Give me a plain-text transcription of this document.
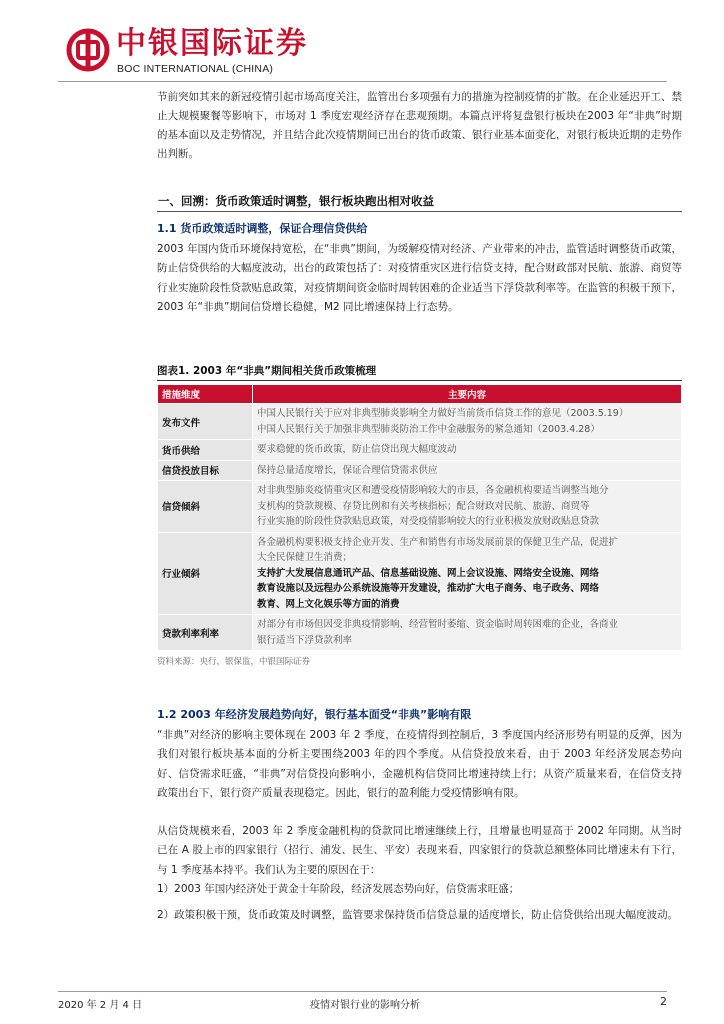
中银国际证券
BOC INTERNATIONAL (CHINA)

节前突如其来的新冠疫情引起市场高度关注，监管出台多项强有力的措施为控制疫情的扩散。在企业延迟开工、禁止大规模聚餐等影响下，市场对 1 季度宏观经济存在悲观预期。本篇点评将复盘银行板块在2003 年“非典”时期的基本面以及走势情况，并且结合此次疫情期间已出台的货币政策、银行业基本面变化，对银行板块近期的走势作出判断。

一、回溯：货币政策适时调整，银行板块跑出相对收益
1.1 货币政策适时调整，保证合理信贷供给
2003 年国内货币环境保持宽松，在“非典”期间，为缓解疫情对经济、产业带来的冲击，监管适时调整货币政策，防止信贷供给的大幅度波动，出台的政策包括了：对疫情重灾区进行信贷支持，配合财政部对民航、旅游、商贸等行业实施阶段性贷款贴息政策，对疫情期间资金临时周转困难的企业适当下浮贷款利率等。在监管的积极干预下，2003 年“非典”期间信贷增长稳健，M2 同比增速保持上行态势。
图表1. 2003 年“非典”期间相关货币政策梳理
措施维度	主要内容
发布文件	中国人民银行关于应对非典型肺炎影响全力做好当前货币信贷工作的意见（2003.5.19）
中国人民银行关于加强非典型肺炎防治工作中金融服务的紧急通知（2003.4.28）

货币供给	要求稳健的货币政策，防止信贷出现大幅度波动

信贷投放目标	保持总量适度增长，保证合理信贷需求供应

信贷倾斜	对非典型肺炎疫情重灾区和遭受疫情影响较大的市县，各金融机构要适当调整当地分
支机构的贷款规模、存贷比例和有关考核指标；配合财政对民航、旅游、商贸等
行业实施的阶段性贷款贴息政策，对受疫情影响较大的行业积极发放财政贴息贷款

行业倾斜	各金融机构要积极支持企业开发、生产和销售有市场发展前景的保健卫生产品，促进扩
大全民保健卫生消费；
支持扩大发展信息通讯产品、信息基础设施、网上会议设施、网络安全设施、网络
教育设施以及远程办公系统设施等开发建设，推动扩大电子商务、电子政务、网络
教育、网上文化娱乐等方面的消费

贷款利率利率	对部分有市场但因受非典疫情影响、经营暂时萎缩、资金临时周转困难的企业，各商业
银行适当下浮贷款利率
资料来源：央行，银保监，中银国际证券
1.2 2003 年经济发展趋势向好，银行基本面受“非典”影响有限
“非典”对经济的影响主要体现在 2003 年 2 季度，在疫情得到控制后，3 季度国内经济形势有明显的反弹，因为我们对银行板块基本面的分析主要围绕2003 年的四个季度。从信贷投放来看，由于 2003 年经济发展态势向好、信贷需求旺盛，“非典”对信贷投向影响小，金融机构信贷同比增速持续上行；从资产质量来看，在信贷支持政策出台下，银行资产质量表现稳定。因此，银行的盈利能力受疫情影响有限。
从信贷规模来看，2003 年 2 季度金融机构的贷款同比增速继续上行，且增量也明显高于 2002 年同期。从当时已在 A 股上市的四家银行（招行、浦发、民生、平安）表现来看，四家银行的贷款总额整体同比增速未有下行，与 1 季度基本持平。我们认为主要的原因在于：
1）2003 年国内经济处于黄金十年阶段，经济发展态势向好，信贷需求旺盛；
2）政策积极干预，货币政策及时调整，监管要求保持货币信贷总量的适度增长，防止信贷供给出现大幅度波动。
2020 年 2 月 4 日	疫情对银行业的影响分析	2
